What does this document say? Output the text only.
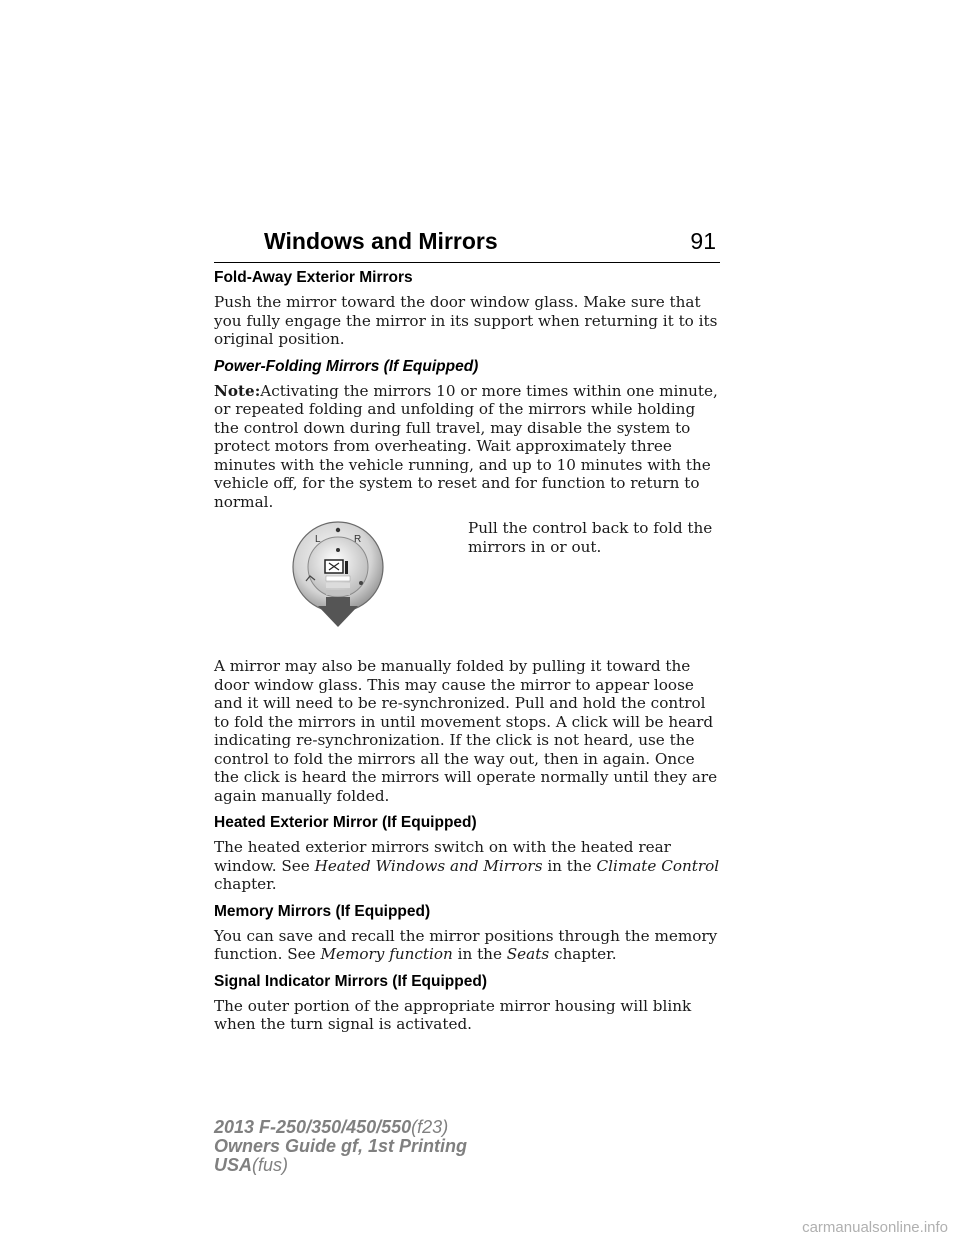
Windows and Mirrors	91
Fold-Away Exterior Mirrors

Push the mirror toward the door window glass. Make sure that you fully engage the mirror in its support when returning it to its original position.

Power-Folding Mirrors (If Equipped)

Note:Activating the mirrors 10 or more times within one minute, or repeated folding and unfolding of the mirrors while holding the control down during full travel, may disable the system to protect motors from overheating. Wait approximately three minutes with the vehicle running, and up to 10 minutes with the vehicle off, for the system to reset and for function to return to normal.

L	R

Pull the control back to fold the mirrors in or out.

A mirror may also be manually folded by pulling it toward the door window glass. This may cause the mirror to appear loose and it will need to be re-synchronized. Pull and hold the control to fold the mirrors in until movement stops. A click will be heard indicating re-synchronization. If the click is not heard, use the control to fold the mirrors all the way out, then in again. Once the click is heard the mirrors will operate normally until they are again manually folded.

Heated Exterior Mirror (If Equipped)

The heated exterior mirrors switch on with the heated rear window. See Heated Windows and Mirrors in the Climate Control chapter.

Memory Mirrors (If Equipped)

You can save and recall the mirror positions through the memory function. See Memory function in the Seats chapter.

Signal Indicator Mirrors (If Equipped)

The outer portion of the appropriate mirror housing will blink when the turn signal is activated.

2013 F-250/350/450/550(f23)
Owners Guide gf, 1st Printing
USA(fus)
carmanualsonline.info
